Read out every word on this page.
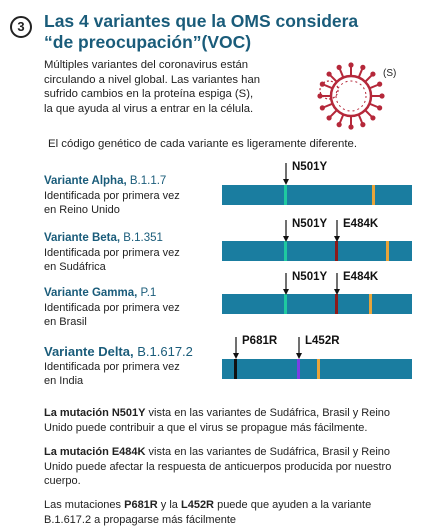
3	Las 4 variantes que la OMS considera
“de preocupación”(VOC)
Múltiples variantes del coronavirus están
circulando a nivel global. Las variantes han
sufrido cambios en la proteína espiga (S),
la que ayuda al virus a entrar en la célula.
(S)
El código genético de cada variante es ligeramente diferente.
Variante Alpha, B.1.1.7
Identificada por primera vez
en Reino Unido
N501Y
Variante Beta, B.1.351
Identificada por primera vez
en Sudáfrica
N501Y E484K
Variante Gamma, P.1
Identificada por primera vez
en Brasil
N501Y E484K
Variante Delta, B.1.617.2
Identificada por primera vez
en India
P681R L452R
La mutación N501Y vista en las variantes de Sudáfrica, Brasil y Reino
Unido puede contribuir a que el virus se propague más fácilmente.
La mutación E484K vista en las variantes de Sudáfrica, Brasil y Reino
Unido puede afectar la respuesta de anticuerpos producida por nuestro
cuerpo.
Las mutaciones P681R y la L452R puede que ayuden a la variante
B.1.617.2 a propagarse más fácilmente
